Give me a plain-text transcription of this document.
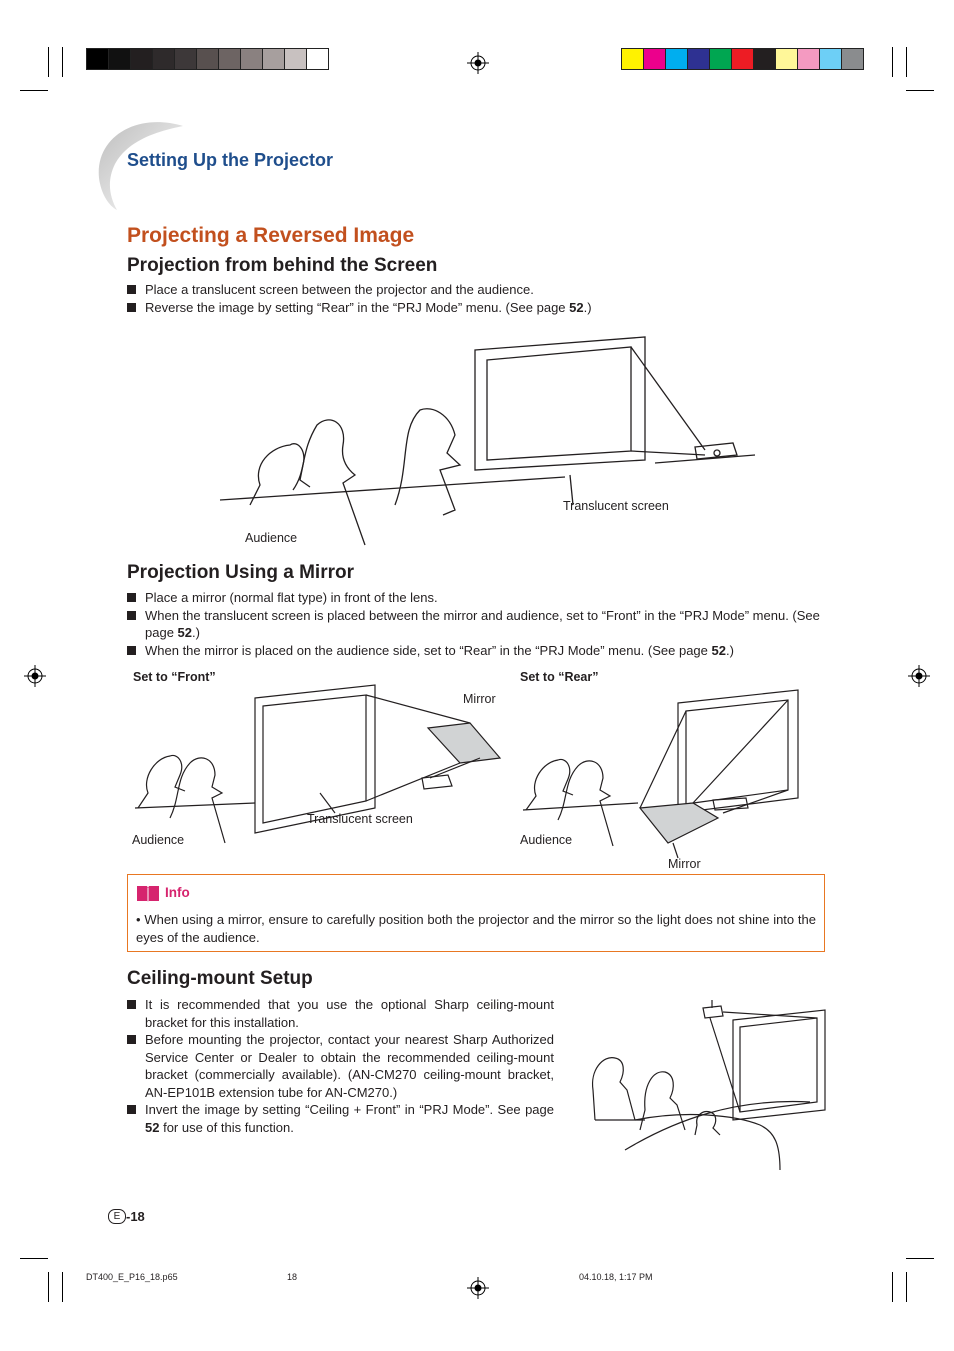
Setting Up the Projector
Projecting a Reversed Image
Projection from behind the Screen
Place a translucent screen between the projector and the audience.
Reverse the image by setting “Rear” in the “PRJ Mode” menu. (See page 52.)
Translucent screen
Audience
Projection Using a Mirror
Place a mirror (normal flat type) in front of the lens.
When the translucent screen is placed between the mirror and audience, set to “Front” in the “PRJ Mode” menu. (See page 52.)
When the mirror is placed on the audience side, set to “Rear” in the “PRJ Mode” menu. (See page 52.)
Set to “Front”	Set to “Rear”
Mirror
Translucent screen
Audience	Audience
Mirror
Info
• When using a mirror, ensure to carefully position both the projector and the mirror so the light does not shine into the eyes of the audience.
Ceiling-mount Setup
It is recommended that you use the optional Sharp ceiling-mount bracket for this installation.
Before mounting the projector, contact your nearest Sharp Authorized Service Center or Dealer to obtain the recommended ceiling-mount bracket (commercially available). (AN-CM270 ceiling-mount bracket, AN-EP101B extension tube for AN-CM270.)
Invert the image by setting “Ceiling + Front” in “PRJ Mode”. See page 52 for use of this function.
E -18
DT400_E_P16_18.p65	18	04.10.18, 1:17 PM
